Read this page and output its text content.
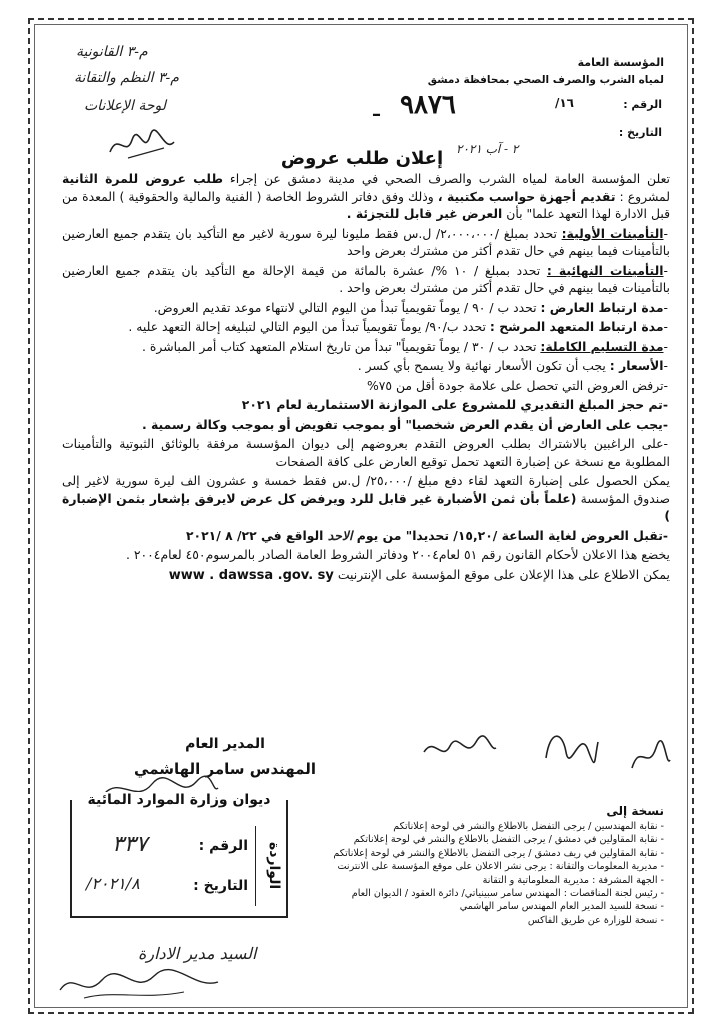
م-٣ القانونية
م-٣ النظم والتقانة
لوحة الإعلانات
المؤسسة العامة
لمياه الشرب والصرف الصحي بمحافظة دمشق
الرقم :
١٦/
٩٨٧٦
–
التاريخ :
٢ - آب ٢٠٢١
إعلان طلب عروض

تعلن المؤسسة العامة لمياه الشرب والصرف الصحي في مدينة دمشق عن إجراء طلب عروض للمرة الثانية لمشروع : تقديم أجهزة حواسب مكتبية ، وذلك وفق دفاتر الشروط الخاصة ( الفنية والمالية والحقوقية ) المعدة من قبل الادارة لهذا التعهد علما" بأن العرض غير قابل للتجزئة .

-التأمينات الأولية: تحدد بمبلغ /٢،٠٠٠،٠٠٠/ ل.س فقط مليونا ليرة سورية لاغير مع التأكيد بان يتقدم جميع العارضين بالتأمينات فيما بينهم في حال تقدم أكثر من مشترك بعرض واحد

-التأمينات النهائية : تحدد بمبلغ / ١٠ %/ عشرة بالمائة من قيمة الإحالة مع التأكيد بان يتقدم جميع العارضين بالتأمينات فيما بينهم في حال تقدم أكثر من مشترك بعرض واحد .

-مدة ارتباط العارض : تحدد ب / ٩٠ / يوماً تقويمياً تبدأ من اليوم التالي لانتهاء موعد تقديم العروض.

-مدة ارتباط المتعهد المرشح : تحدد ب/٩٠/ يوماً تقويمياً تبدأ من اليوم التالي لتبليغه إحالة التعهد عليه .

-مدة التسليم الكاملة: تحدد ب / ٣٠ / يوماً تقويمياً" تبدأ من تاريخ استلام المتعهد كتاب أمر المباشرة .

-الأسعار : يجب أن تكون الأسعار نهائية ولا يسمح بأي كسر .

-ترفض العروض التي تحصل على علامة جودة أقل من ٧٥%

-تم حجز المبلغ التقديري للمشروع على الموازنة الاستثمارية لعام ٢٠٢١

-يجب على العارض أن يقدم العرض شخصيا" أو بموجب تفويض أو بموجب وكالة رسمية .

-على الراغبين بالاشتراك بطلب العروض التقدم بعروضهم إلى ديوان المؤسسة مرفقة بالوثائق الثبوتية والتأمينات المطلوبة مع نسخة عن إضبارة التعهد تحمل توقيع العارض على كافة الصفحات

يمكن الحصول على إضبارة التعهد لقاء دفع مبلغ /٢٥،٠٠٠/ ل.س فقط خمسة و عشرون الف ليرة سورية لاغير إلى صندوق المؤسسة (علماً بأن ثمن الأضبارة غير قابل للرد ويرفض كل عرض لايرفق بإشعار بثمن الإضبارة )

-تقبل العروض لغاية الساعة /١٥,٢٠/ تحديدا" من يوم الاحد الواقع في ٢٢/ ٨ /٢٠٢١

يخضع هذا الاعلان لأحكام القانون رقم ٥١ لعام٢٠٠٤ ودفاتر الشروط العامة الصادر بالمرسوم٤٥٠ لعام٢٠٠٤ .

يمكن الاطلاع على هذا الإعلان على موقع المؤسسة على الإنترنيت www . dawssa .gov. sy

المدير العام
المهندس سامر الهاشمي
ديوان وزارة الموارد المائية
الواردة
الرقم :
٣٣٧
التاريخ :
٢٠٢١/٨/
نسخة إلى
- نقابة المهندسين / يرجى التفضل بالاطلاع والنشر في لوحة إعلاناتكم
- نقابة المقاولين في دمشق / يرجى التفضل بالاطلاع والنشر في لوحة إعلاناتكم
- نقابة المقاولين في ريف دمشق / يرجى التفضل بالاطلاع والنشر في لوحة إعلاناتكم
- مديرية المعلومات والتقانة : يرجى نشر الاعلان على موقع المؤسسة على الانترنت
- الجهة المشرفة : مديرية المعلوماتية و التقانة
- رئيس لجنة المناقصات : المهندس سامر سبينياتي/ دائرة العقود / الديوان العام
- نسخة للسيد المدير العام المهندس سامر الهاشمي
- نسخة للوزارة عن طريق الفاكس
السيد مدير الادارة
